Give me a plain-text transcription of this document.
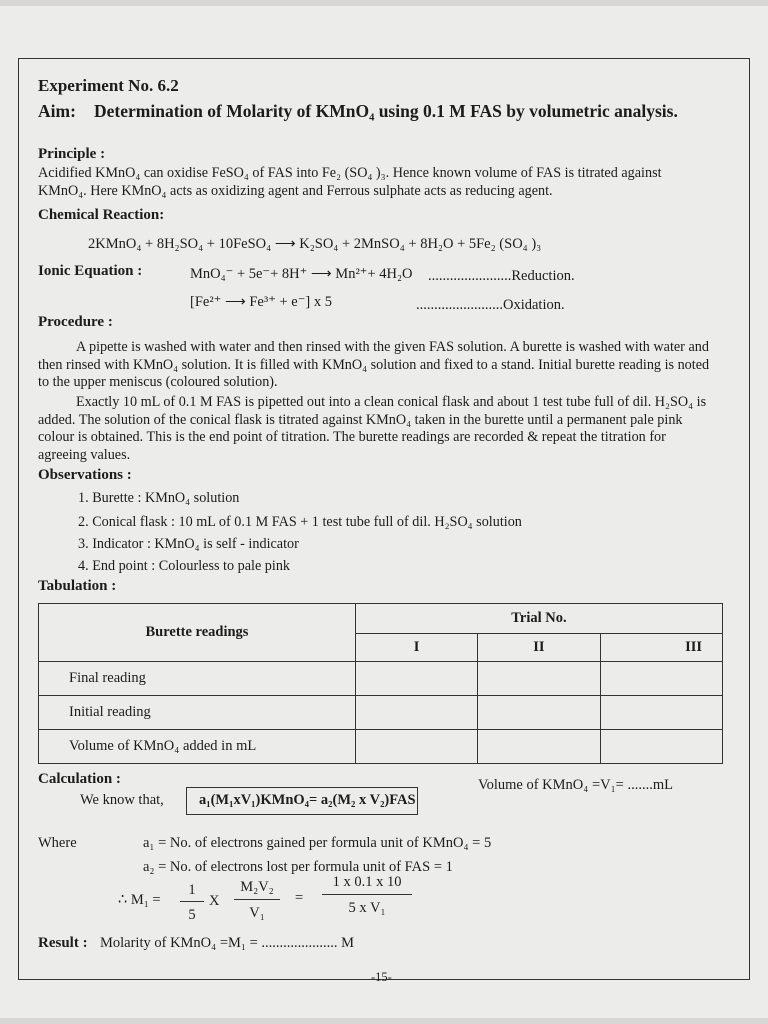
Experiment No. 6.2
Aim: Determination of Molarity of KMnO₄ using 0.1 M FAS by volumetric analysis.
Principle :
Acidified KMnO₄ can oxidise FeSO₄ of FAS into Fe₂ (SO₄ )₃. Hence known volume of FAS is titrated against KMnO₄. Here KMnO₄ acts as oxidizing agent and Ferrous sulphate acts as reducing agent.
Chemical Reaction:
2KMnO₄ + 8H₂SO₄ + 10FeSO₄ ⟶ K₂SO₄ + 2MnSO₄ + 8H₂O + 5Fe₂ (SO₄ )₃
Ionic Equation :	MnO₄⁻ + 5e⁻+ 8H⁺ ⟶ Mn²⁺+ 4H₂O .......................Reduction.
[Fe²⁺ ⟶ Fe³⁺ + e⁻] x 5	........................Oxidation.
Procedure :
A pipette is washed with water and then rinsed with the given FAS solution. A burette is washed with water and then rinsed with KMnO₄ solution. It is filled with KMnO₄ solution and fixed to a stand. Initial burette reading is noted to the upper meniscus (coloured solution).
Exactly 10 mL of 0.1 M FAS is pipetted out into a clean conical flask and about 1 test tube full of dil. H₂SO₄ is added. The solution of the conical flask is titrated against KMnO₄ taken in the burette until a permanent pale pink colour is obtained. This is the end point of titration. The burette readings are recorded & repeat the titration for agreeing values.
Observations :
1. Burette : KMnO₄ solution
2. Conical flask : 10 mL of 0.1 M FAS + 1 test tube full of dil. H₂SO₄ solution
3. Indicator : KMnO₄ is self - indicator
4. End point : Colourless to pale pink
Tabulation :
Burette readings	Trial No.		
	I	II	III
Final reading			
Initial reading			
Volume of KMnO₄ added in mL			
Calculation :	Volume of KMnO₄ =V₁= .......mL
We know that,	a₁(M₁xV₁)KMnO₄= a₂(M₂ x V₂)FAS
Where	a₁ = No. of electrons gained per formula unit of KMnO₄ = 5
a₂ = No. of electrons lost per formula unit of FAS = 1
∴ M₁ =
1
5
X
M₂V₂
V₁
=
1 x 0.1 x 10
5 x V₁
Result : Molarity of KMnO₄ =M₁ = ..................... M
-15-
